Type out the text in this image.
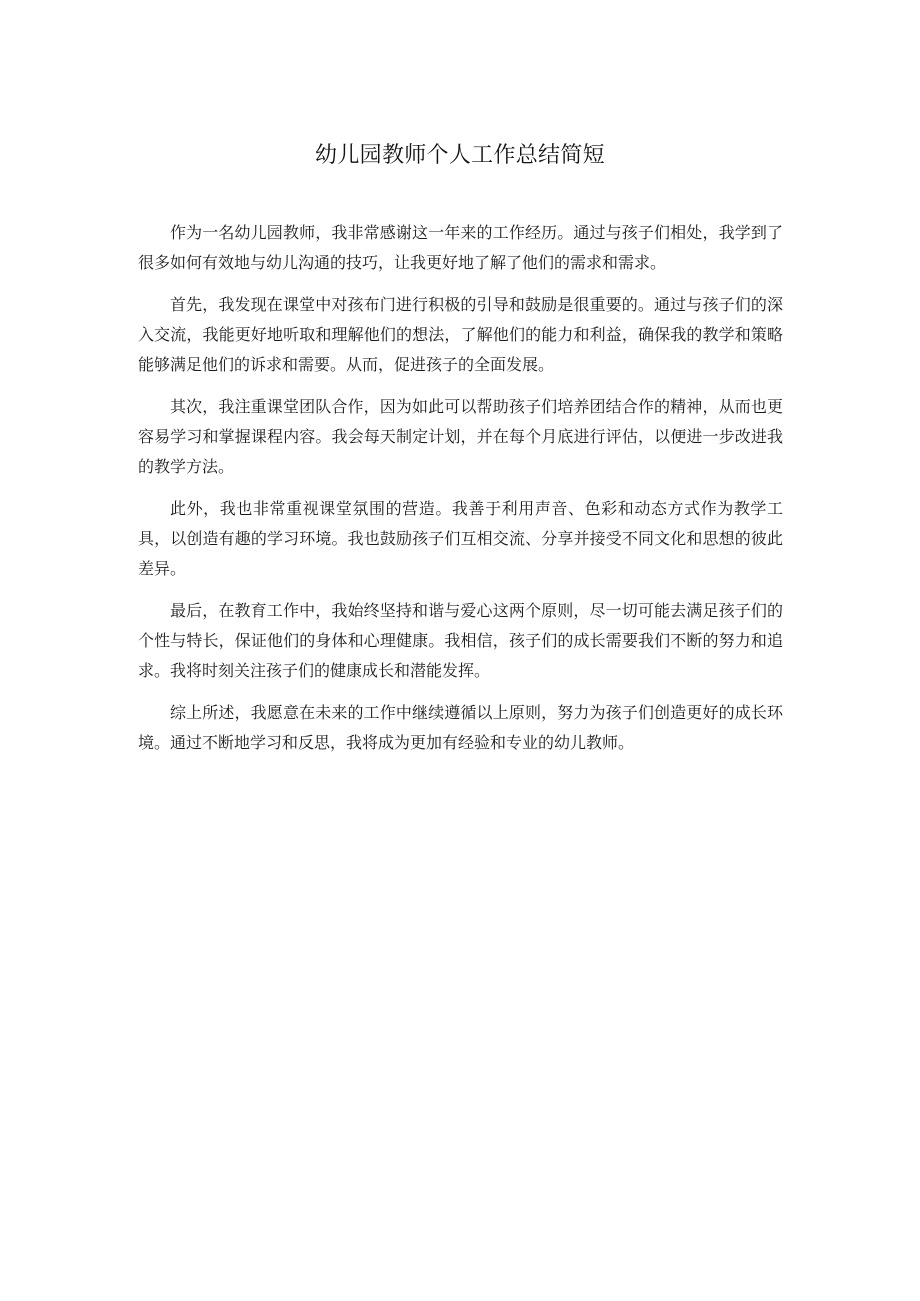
幼儿园教师个人工作总结简短

作为一名幼儿园教师，我非常感谢这一年来的工作经历。通过与孩子们相处，我学到了很多如何有效地与幼儿沟通的技巧，让我更好地了解了他们的需求和需求。

首先，我发现在课堂中对孩布门进行积极的引导和鼓励是很重要的。通过与孩子们的深入交流，我能更好地听取和理解他们的想法，了解他们的能力和利益，确保我的教学和策略能够满足他们的诉求和需要。从而，促进孩子的全面发展。

其次，我注重课堂团队合作，因为如此可以帮助孩子们培养团结合作的精神，从而也更容易学习和掌握课程内容。我会每天制定计划，并在每个月底进行评估，以便进一步改进我的教学方法。

此外，我也非常重视课堂氛围的营造。我善于利用声音、色彩和动态方式作为教学工具，以创造有趣的学习环境。我也鼓励孩子们互相交流、分享并接受不同文化和思想的彼此差异。

最后，在教育工作中，我始终坚持和谐与爱心这两个原则，尽一切可能去满足孩子们的个性与特长，保证他们的身体和心理健康。我相信，孩子们的成长需要我们不断的努力和追求。我将时刻关注孩子们的健康成长和潜能发挥。

综上所述，我愿意在未来的工作中继续遵循以上原则，努力为孩子们创造更好的成长环境。通过不断地学习和反思，我将成为更加有经验和专业的幼儿教师。
